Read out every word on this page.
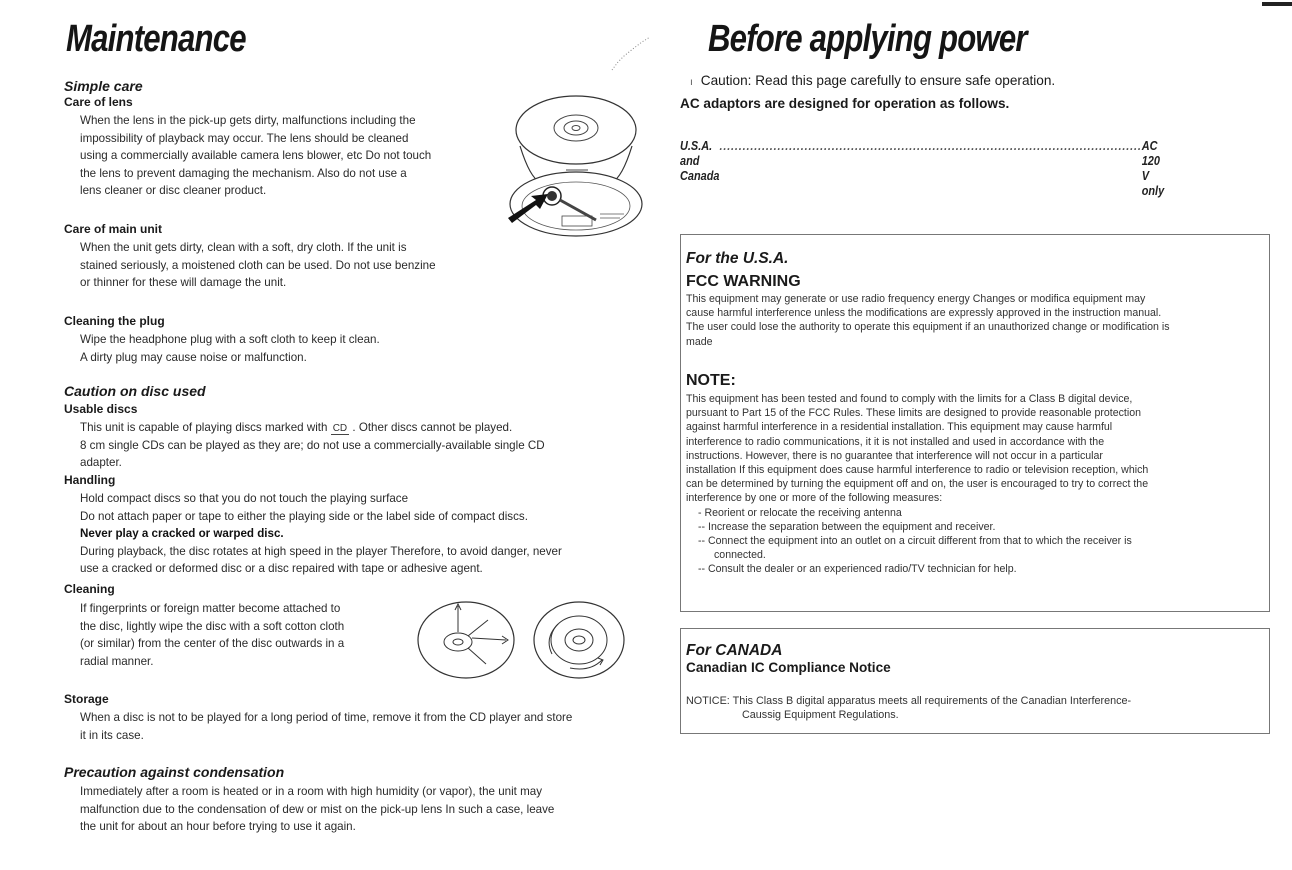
Maintenance
Simple care
Care of lens

When the lens in the pick-up gets dirty, malfunctions including the

impossibility of playback may occur. The lens should be cleaned

using a commercially available camera lens blower, etc Do not touch

the lens to prevent damaging the mechanism. Also do not use a

lens cleaner or disc cleaner product.

Care of main unit

When the unit gets dirty, clean with a soft, dry cloth. If the unit is

stained seriously, a moistened cloth can be used. Do not use benzine

or thinner for these will damage the unit.

Cleaning the plug

Wipe the headphone plug with a soft cloth to keep it clean.

A dirty plug may cause noise or malfunction.

Caution on disc used
Usable discs

This unit is capable of playing discs marked with CD . Other discs cannot be played.

8 cm single CDs can be played as they are; do not use a commercially-available single CD

adapter.

Handling

Hold compact discs so that you do not touch the playing surface

Do not attach paper or tape to either the playing side or the label side of compact discs.

Never play a cracked or warped disc.

During playback, the disc rotates at high speed in the player Therefore, to avoid danger, never

use a cracked or deformed disc or a disc repaired with tape or adhesive agent.

Cleaning

If fingerprints or foreign matter become attached to

the disc, lightly wipe the disc with a soft cotton cloth

(or similar) from the center of the disc outwards in a

radial manner.

Storage

When a disc is not to be played for a long period of time, remove it from the CD player and store

it in its case.

Precaution against condensation

Immediately after a room is heated or in a room with high humidity (or vapor), the unit may

malfunction due to the condensation of dew or mist on the pick-up lens In such a case, leave

the unit for about an hour before trying to use it again.

Before applying power
ı Caution: Read this page carefully to ensure safe operation.
AC adaptors are designed for operation as follows.
U.S.A. and Canada
............................................................................................................. AC 120 V only
For the U.S.A.
FCC WARNING

This equipment may generate or use radio frequency energy Changes or modifica equipment may

cause harmful interference unless the modifications are expressly approved in the instruction manual.

The user could lose the authority to operate this equipment if an unauthorized change or modification is

made

NOTE:

This equipment has been tested and found to comply with the limits for a Class B digital device,

pursuant to Part 15 of the FCC Rules. These limits are designed to provide reasonable protection

against harmful interference in a residential installation. This equipment may cause harmful

interference to radio communications, it it is not installed and used in accordance with the

instructions. However, there is no guarantee that interference will not occur in a particular

installation If this equipment does cause harmful interference to radio or television reception, which

can be determined by turning the equipment off and on, the user is encouraged to try to correct the

interference by one or more of the following measures:

- Reorient or relocate the receiving antenna

-- Increase the separation between the equipment and receiver.

-- Connect the equipment into an outlet on a circuit different from that to which the receiver is

connected.

-- Consult the dealer or an experienced radio/TV technician for help.

For CANADA
Canadian IC Compliance Notice

NOTICE: This Class B digital apparatus meets all requirements of the Canadian Interference-

Caussig Equipment Regulations.
